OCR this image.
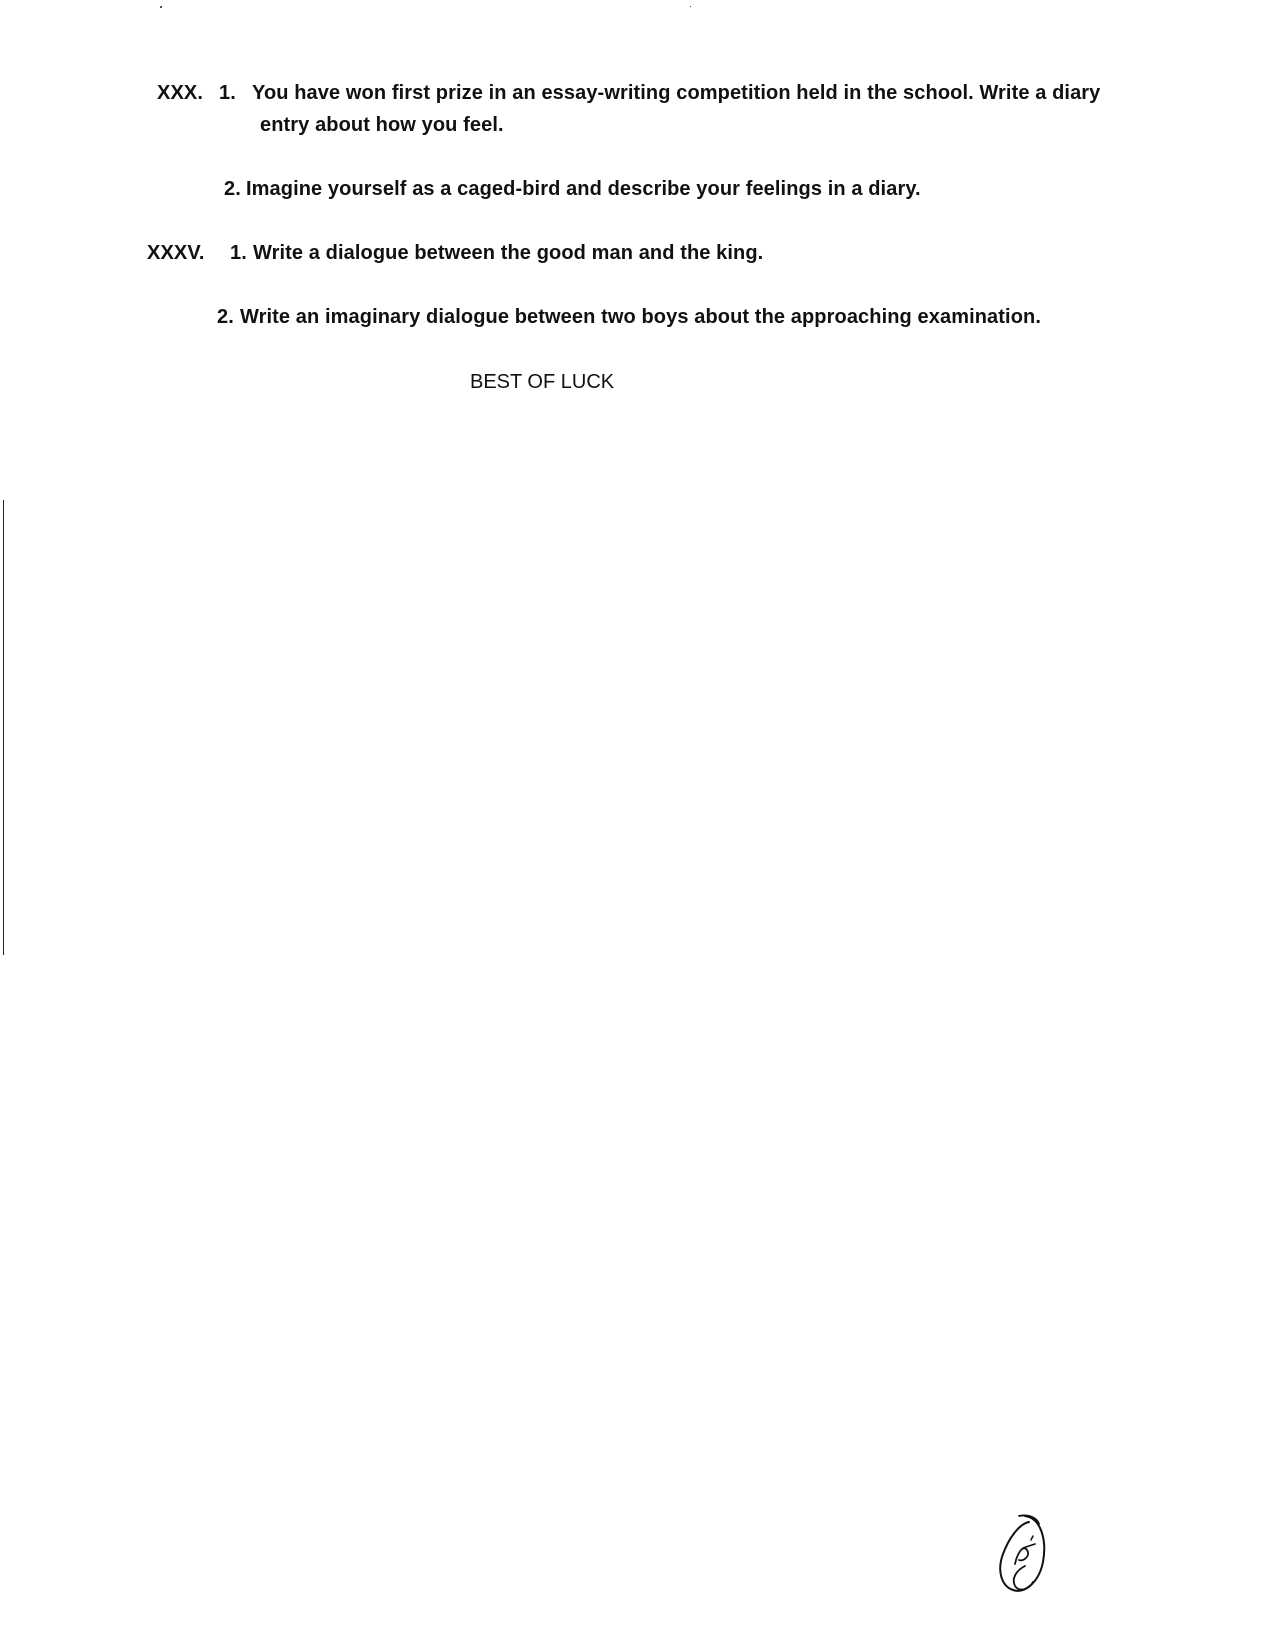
XXX. 1. You have won first prize in an essay-writing competition held in the school. Write a diary
entry about how you feel.
2. Imagine yourself as a caged-bird and describe your feelings in a diary.
XXXV. 1. Write a dialogue between the good man and the king.
2. Write an imaginary dialogue between two boys about the approaching examination.
BEST OF LUCK
